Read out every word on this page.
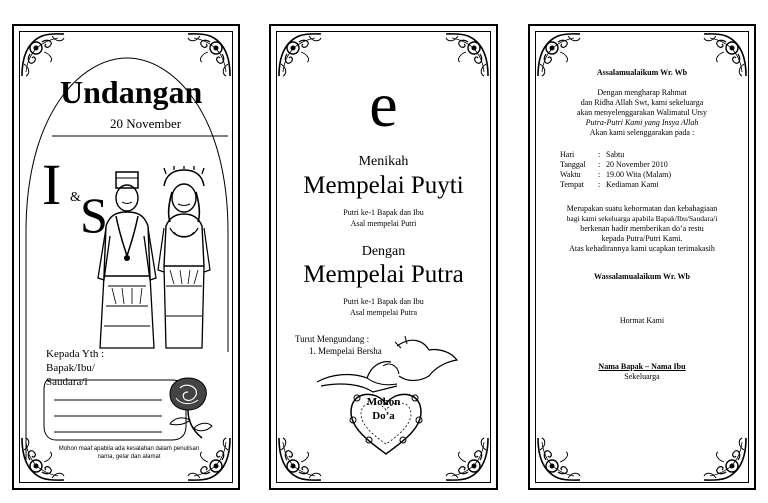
Undangan
20 November
I & S
Kepada Yth :
Bapak/Ibu/
Saudara/i
Mohon maaf apabila ada kesalahan dalam penulisan
nama, gelar dan alamat
e
Menikah
Mempelai Puyti
Putri ke-1 Bapak dan Ibu
Asal mempelai Putri
Dengan
Mempelai Putra
Putri ke-1 Bapak dan Ibu
Asal mempelai Putra
Turut Mengundang :
1. Mempelai Bersha
Mohon
Do’a
Assalamualaikum Wr. Wb
Dengan mengharap Rahmat
dan Ridha Allah Swt, kami sekeluarga
akan menyelenggarakan Walimatul Ursy
Putra-Putri Kami yang Insya Allah
Akan kami selenggarakan pada :
Hari	: Sabtu
Tanggal : 20 November 2010
Waktu : 19.00 Wita (Malam)
Tempat : Kediaman Kami
Merupakan suatu kehormatan dan kebahagiaan
bagi kami sekeluarga apabila Bapak/Ibu/Saudara/i
berkenan hadir memberikan do’a restu
kepada Putra/Putri Kami.
Atas kehadirannya kami ucapkan terimakasih
Wassalamualaikum Wr. Wb
Hormat Kami
Nama Bapak – Nama Ibu
Sekeluarga
